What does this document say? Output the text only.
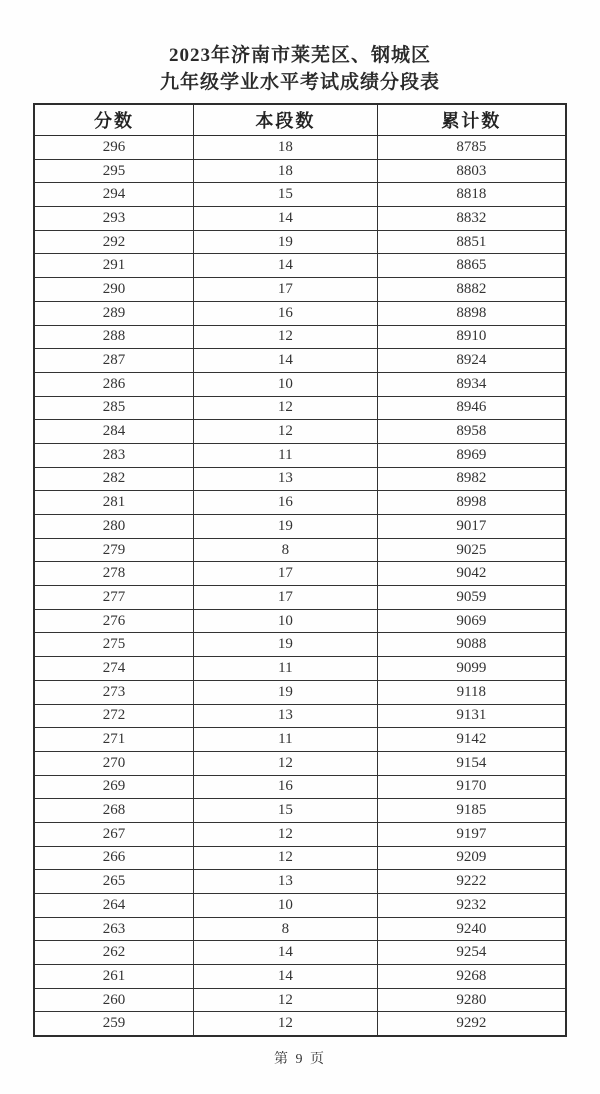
2023年济南市莱芜区、钢城区
九年级学业水平考试成绩分段表
分数	本段数	累计数
296	18	8785
295	18	8803
294	15	8818
293	14	8832
292	19	8851
291	14	8865
290	17	8882
289	16	8898
288	12	8910
287	14	8924
286	10	8934
285	12	8946
284	12	8958
283	11	8969
282	13	8982
281	16	8998
280	19	9017
279	8	9025
278	17	9042
277	17	9059
276	10	9069
275	19	9088
274	11	9099
273	19	9118
272	13	9131
271	11	9142
270	12	9154
269	16	9170
268	15	9185
267	12	9197
266	12	9209
265	13	9222
264	10	9232
263	8	9240
262	14	9254
261	14	9268
260	12	9280
259	12	9292
第 9 页
